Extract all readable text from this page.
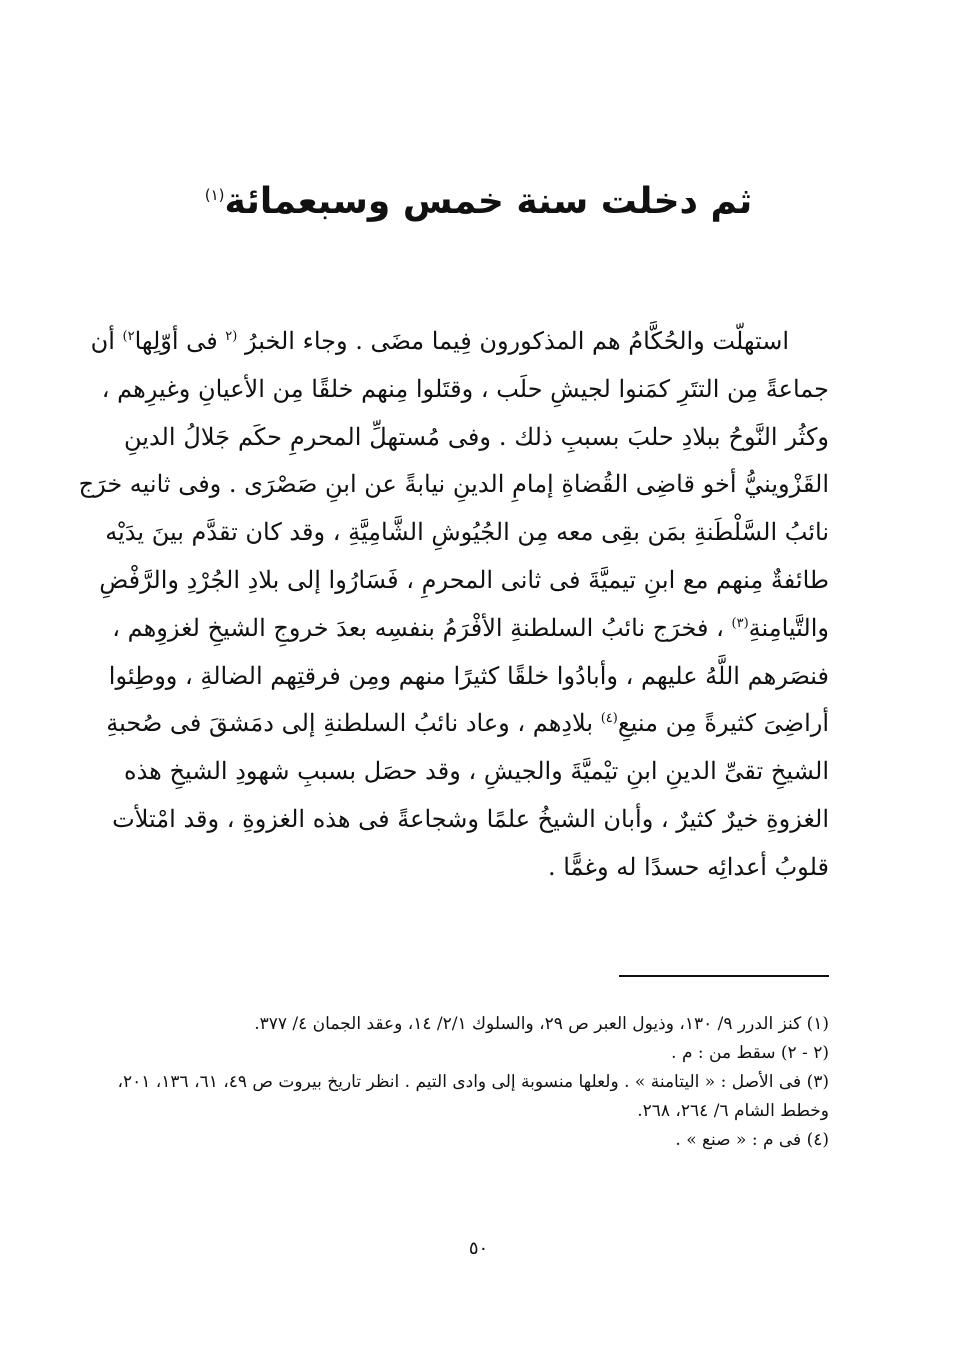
ثم دخلت سنة خمس وسبعمائة$^{(١)}$
استهلّت والحُكَّامُ هم المذكورون فِيما مضَى . وجاء الخبرُ $^{(٢}$ فى أوّلِها$^{٢)}$ أن
جماعةً مِن التتَرِ كمَنوا لجيشِ حلَب ، وقتَلوا مِنهم خلقًا مِن الأعيانِ وغيرِهم ،
وكثُر النَّوحُ ببلادِ حلبَ بسببِ ذلك . وفى مُستهلِّ المحرمِ حكَم جَلالُ الدينِ
القَزْوينيُّ أخو قاضِى القُضاةِ إمامِ الدينِ نيابةً عن ابنِ صَصْرَى . وفى ثانيه خرَج
نائبُ السَّلْطَنةِ بمَن بقِى معه مِن الجُيُوشِ الشَّامِيَّةِ ، وقد كان تقدَّم بينَ يدَيْه
طائفةٌ مِنهم مع ابنِ تيميَّةَ فى ثانى المحرمِ ، فَسَارُوا إلى بلادِ الجُرْدِ والرَّفْضِ
والتَّيامِنةِ$^{(٣)}$ ، فخرَج نائبُ السلطنةِ الأفْرَمُ بنفسِه بعدَ خروجِ الشيخِ لغزوِهم ،
فنصَرهم اللَّهُ عليهم ، وأبادُوا خلقًا كثيرًا منهم ومِن فرقتِهم الضالةِ ، ووطِئوا
أراضِىَ كثيرةً مِن منيعِ$^{(٤)}$ بلادِهم ، وعاد نائبُ السلطنةِ إلى دمَشقَ فى صُحبةِ
الشيخِ تقىِّ الدينِ ابنِ تيْميَّةَ والجيشِ ، وقد حصَل بسببِ شهودِ الشيخِ هذه
الغزوةِ خيرٌ كثيرٌ ، وأبان الشيخُ علمًا وشجاعةً فى هذه الغزوةِ ، وقد امْتلأت
قلوبُ أعدائِه حسدًا له وغمًّا .
(١) كنز الدرر ٩/ ١٣٠، وذيول العبر ص ٢٩، والسلوك ٢/١/ ١٤، وعقد الجمان ٤/ ٣٧٧.
(٢ - ٢) سقط من : م .
(٣) فى الأصل : « اليتامنة » . ولعلها منسوبة إلى وادى التيم . انظر تاريخ بيروت ص ٤٩، ٦١، ١٣٦، ٢٠١،
وخطط الشام ٦/ ٢٦٤، ٢٦٨.
(٤) فى م : « صنع » .
٥٠
